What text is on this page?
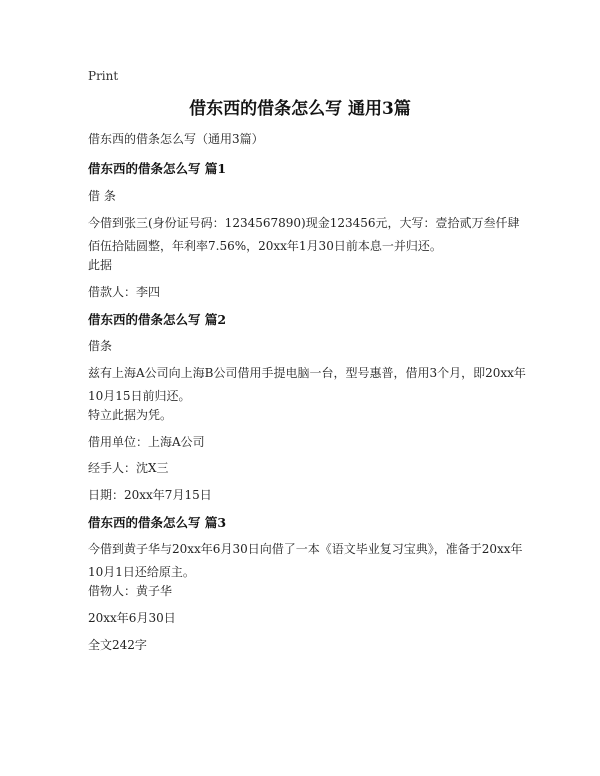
Print
借东西的借条怎么写 通用3篇
借东西的借条怎么写（通用3篇）
借东西的借条怎么写 篇1
借 条
今借到张三(身份证号码：1234567890)现金123456元，大写：壹拾贰万叁仟肆佰伍拾陆圆整，年利率7.56%，20xx年1月30日前本息一并归还。
此据
借款人：李四
借东西的借条怎么写 篇2
借条
兹有上海A公司向上海B公司借用手提电脑一台，型号惠普，借用3个月，即20xx年10月15日前归还。
特立此据为凭。
借用单位：上海A公司
经手人：沈X三
日期：20xx年7月15日
借东西的借条怎么写 篇3
今借到黄子华与20xx年6月30日向借了一本《语文毕业复习宝典》，准备于20xx年10月1日还给原主。
借物人：黄子华
20xx年6月30日
全文242字
